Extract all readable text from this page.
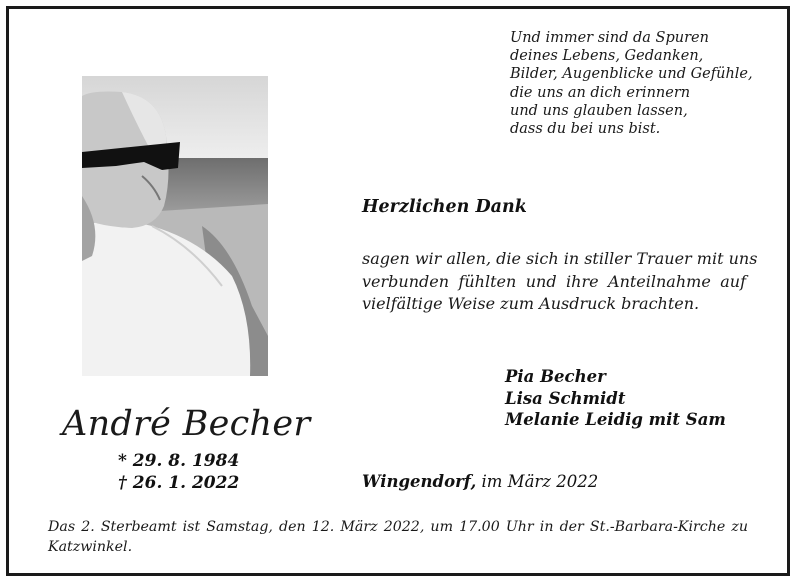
Und immer sind da Spuren
deines Lebens, Gedanken,
Bilder, Augenblicke und Gefühle,
die uns an dich erinnern
und uns glauben lassen,
dass du bei uns bist.
André Becher
* 29. 8. 1984
† 26. 1. 2022
Herzlichen Dank
sagen wir allen, die sich in stiller Trauer mit uns
verbunden fühlten und ihre Anteilnahme auf
vielfältige Weise zum Ausdruck brachten.
Pia Becher
Lisa Schmidt
Melanie Leidig mit Sam
Wingendorf, im März 2022
Das 2. Sterbeamt ist Samstag, den 12. März 2022, um 17.00 Uhr in der St.-Barbara-Kirche zu
Katzwinkel.
